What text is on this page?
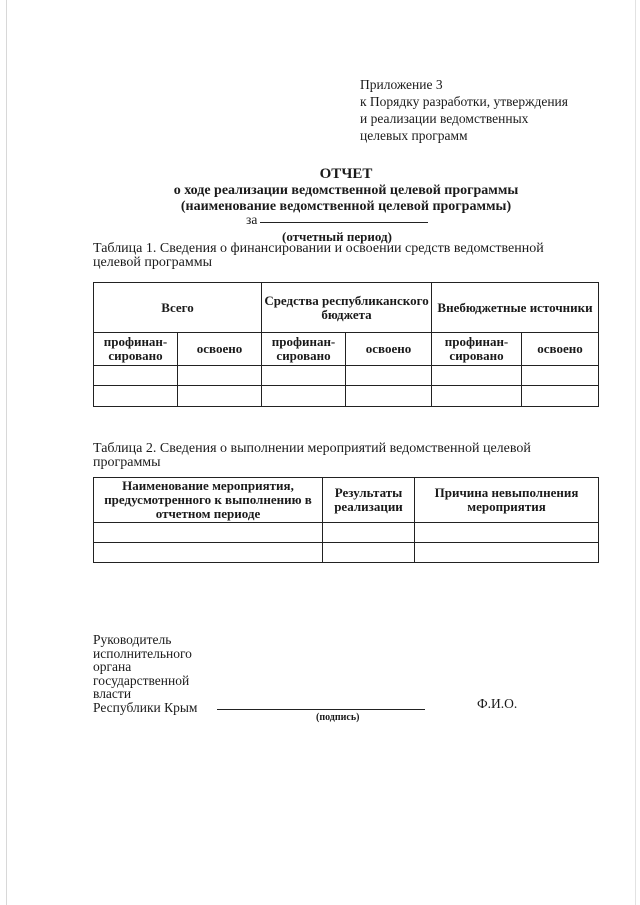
Приложение 3
к Порядку разработки, утверждения
и реализации ведомственных
целевых программ
ОТЧЕТ
о ходе реализации ведомственной целевой программы
(наименование ведомственной целевой программы)
за
(отчетный период)
Таблица 1. Сведения о финансировании и освоении средств ведомственной
целевой программы
Всего		Средства республиканского бюджета		Внебюджетные источники	
профинан-сировано	освоено	профинан-сировано	освоено	профинан-сировано	освоено

Таблица 2. Сведения о выполнении мероприятий ведомственной целевой
программы
Наименование мероприятия, предусмотренного к выполнению в отчетном периоде	Результаты реализации	Причина невыполнения мероприятия

Руководитель
исполнительного
органа
государственной
власти
Республики Крым	Ф.И.О.
(подпись)
